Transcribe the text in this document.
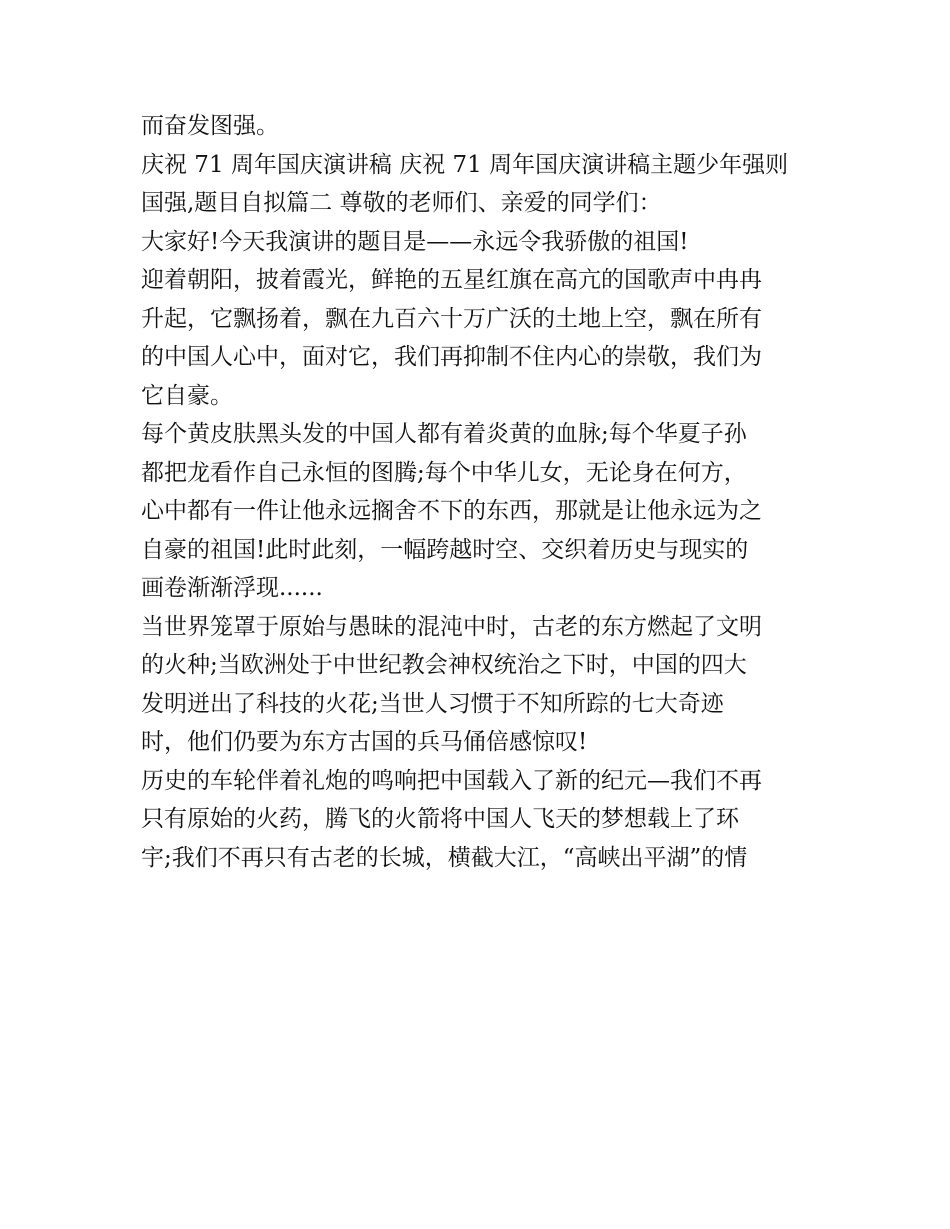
而奋发图强。
庆祝 71 周年国庆演讲稿 庆祝 71 周年国庆演讲稿主题少年强则
国强,题目自拟篇二 尊敬的老师们、亲爱的同学们：
大家好!今天我演讲的题目是——永远令我骄傲的祖国!
迎着朝阳，披着霞光，鲜艳的五星红旗在高亢的国歌声中冉冉
升起，它飘扬着，飘在九百六十万广沃的土地上空，飘在所有
的中国人心中，面对它，我们再抑制不住内心的崇敬，我们为
它自豪。
每个黄皮肤黑头发的中国人都有着炎黄的血脉;每个华夏子孙
都把龙看作自己永恒的图腾;每个中华儿女，无论身在何方，
心中都有一件让他永远搁舍不下的东西，那就是让他永远为之
自豪的祖国!此时此刻，一幅跨越时空、交织着历史与现实的
画卷渐渐浮现......
当世界笼罩于原始与愚昧的混沌中时，古老的东方燃起了文明
的火种;当欧洲处于中世纪教会神权统治之下时，中国的四大
发明迸出了科技的火花;当世人习惯于不知所踪的七大奇迹
时，他们仍要为东方古国的兵马俑倍感惊叹!
历史的车轮伴着礼炮的鸣响把中国载入了新的纪元—我们不再
只有原始的火药，腾飞的火箭将中国人飞天的梦想载上了环
宇;我们不再只有古老的长城，横截大江，“高峡出平湖”的情
